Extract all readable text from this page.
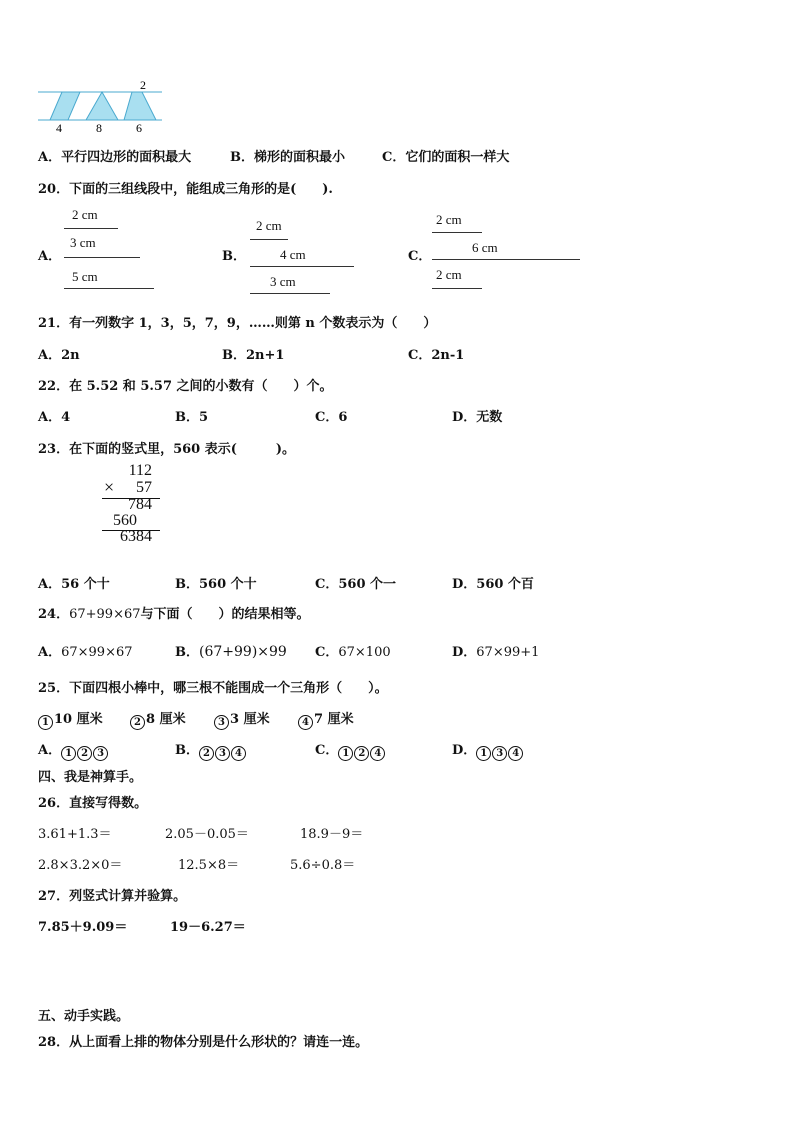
2
4	8	6
A．平行四边形的面积最大	B．梯形的面积最小	C．它们的面积一样大
20．下面的三组线段中，能组成三角形的是(　　).
A．
2 cm
3 cm
5 cm
B．
2 cm
4 cm
3 cm
C．
2 cm
6 cm
2 cm
21．有一列数字 1，3，5，7，9，……则第 n 个数表示为（　　）
A．2n	B．2n+1	C．2n-1
22．在 5.52 和 5.57 之间的小数有（　　）个。
A．4	B．5	C．6	D．无数
23．在下面的竖式里，560 表示(　　　)。
112
× 57
784
560
6384
A．56 个十	B．560 个十	C．560 个一	D．560 个百
24．67+99×67与下面（　　）的结果相等。
A．67×99×67	B．(67+99)×99 C．67×100	D．67×99+1
25．下面四根小棒中，哪三根不能围成一个三角形（　　）。
1 10 厘米	2 8 厘米	3 3 厘米	4 7 厘米
A． 1 2 3	B． 2 3 4	C． 1 2 4	D． 1 3 4
四、我是神算手。
26．直接写得数。
3.61+1.3＝	2.05－0.05＝	18.9－9＝
2.8×3.2×0＝	12.5×8＝	5.6÷0.8＝
27．列竖式计算并验算。
7.85＋9.09＝	19－6.27＝
五、动手实践。
28．从上面看上排的物体分别是什么形状的？请连一连。
